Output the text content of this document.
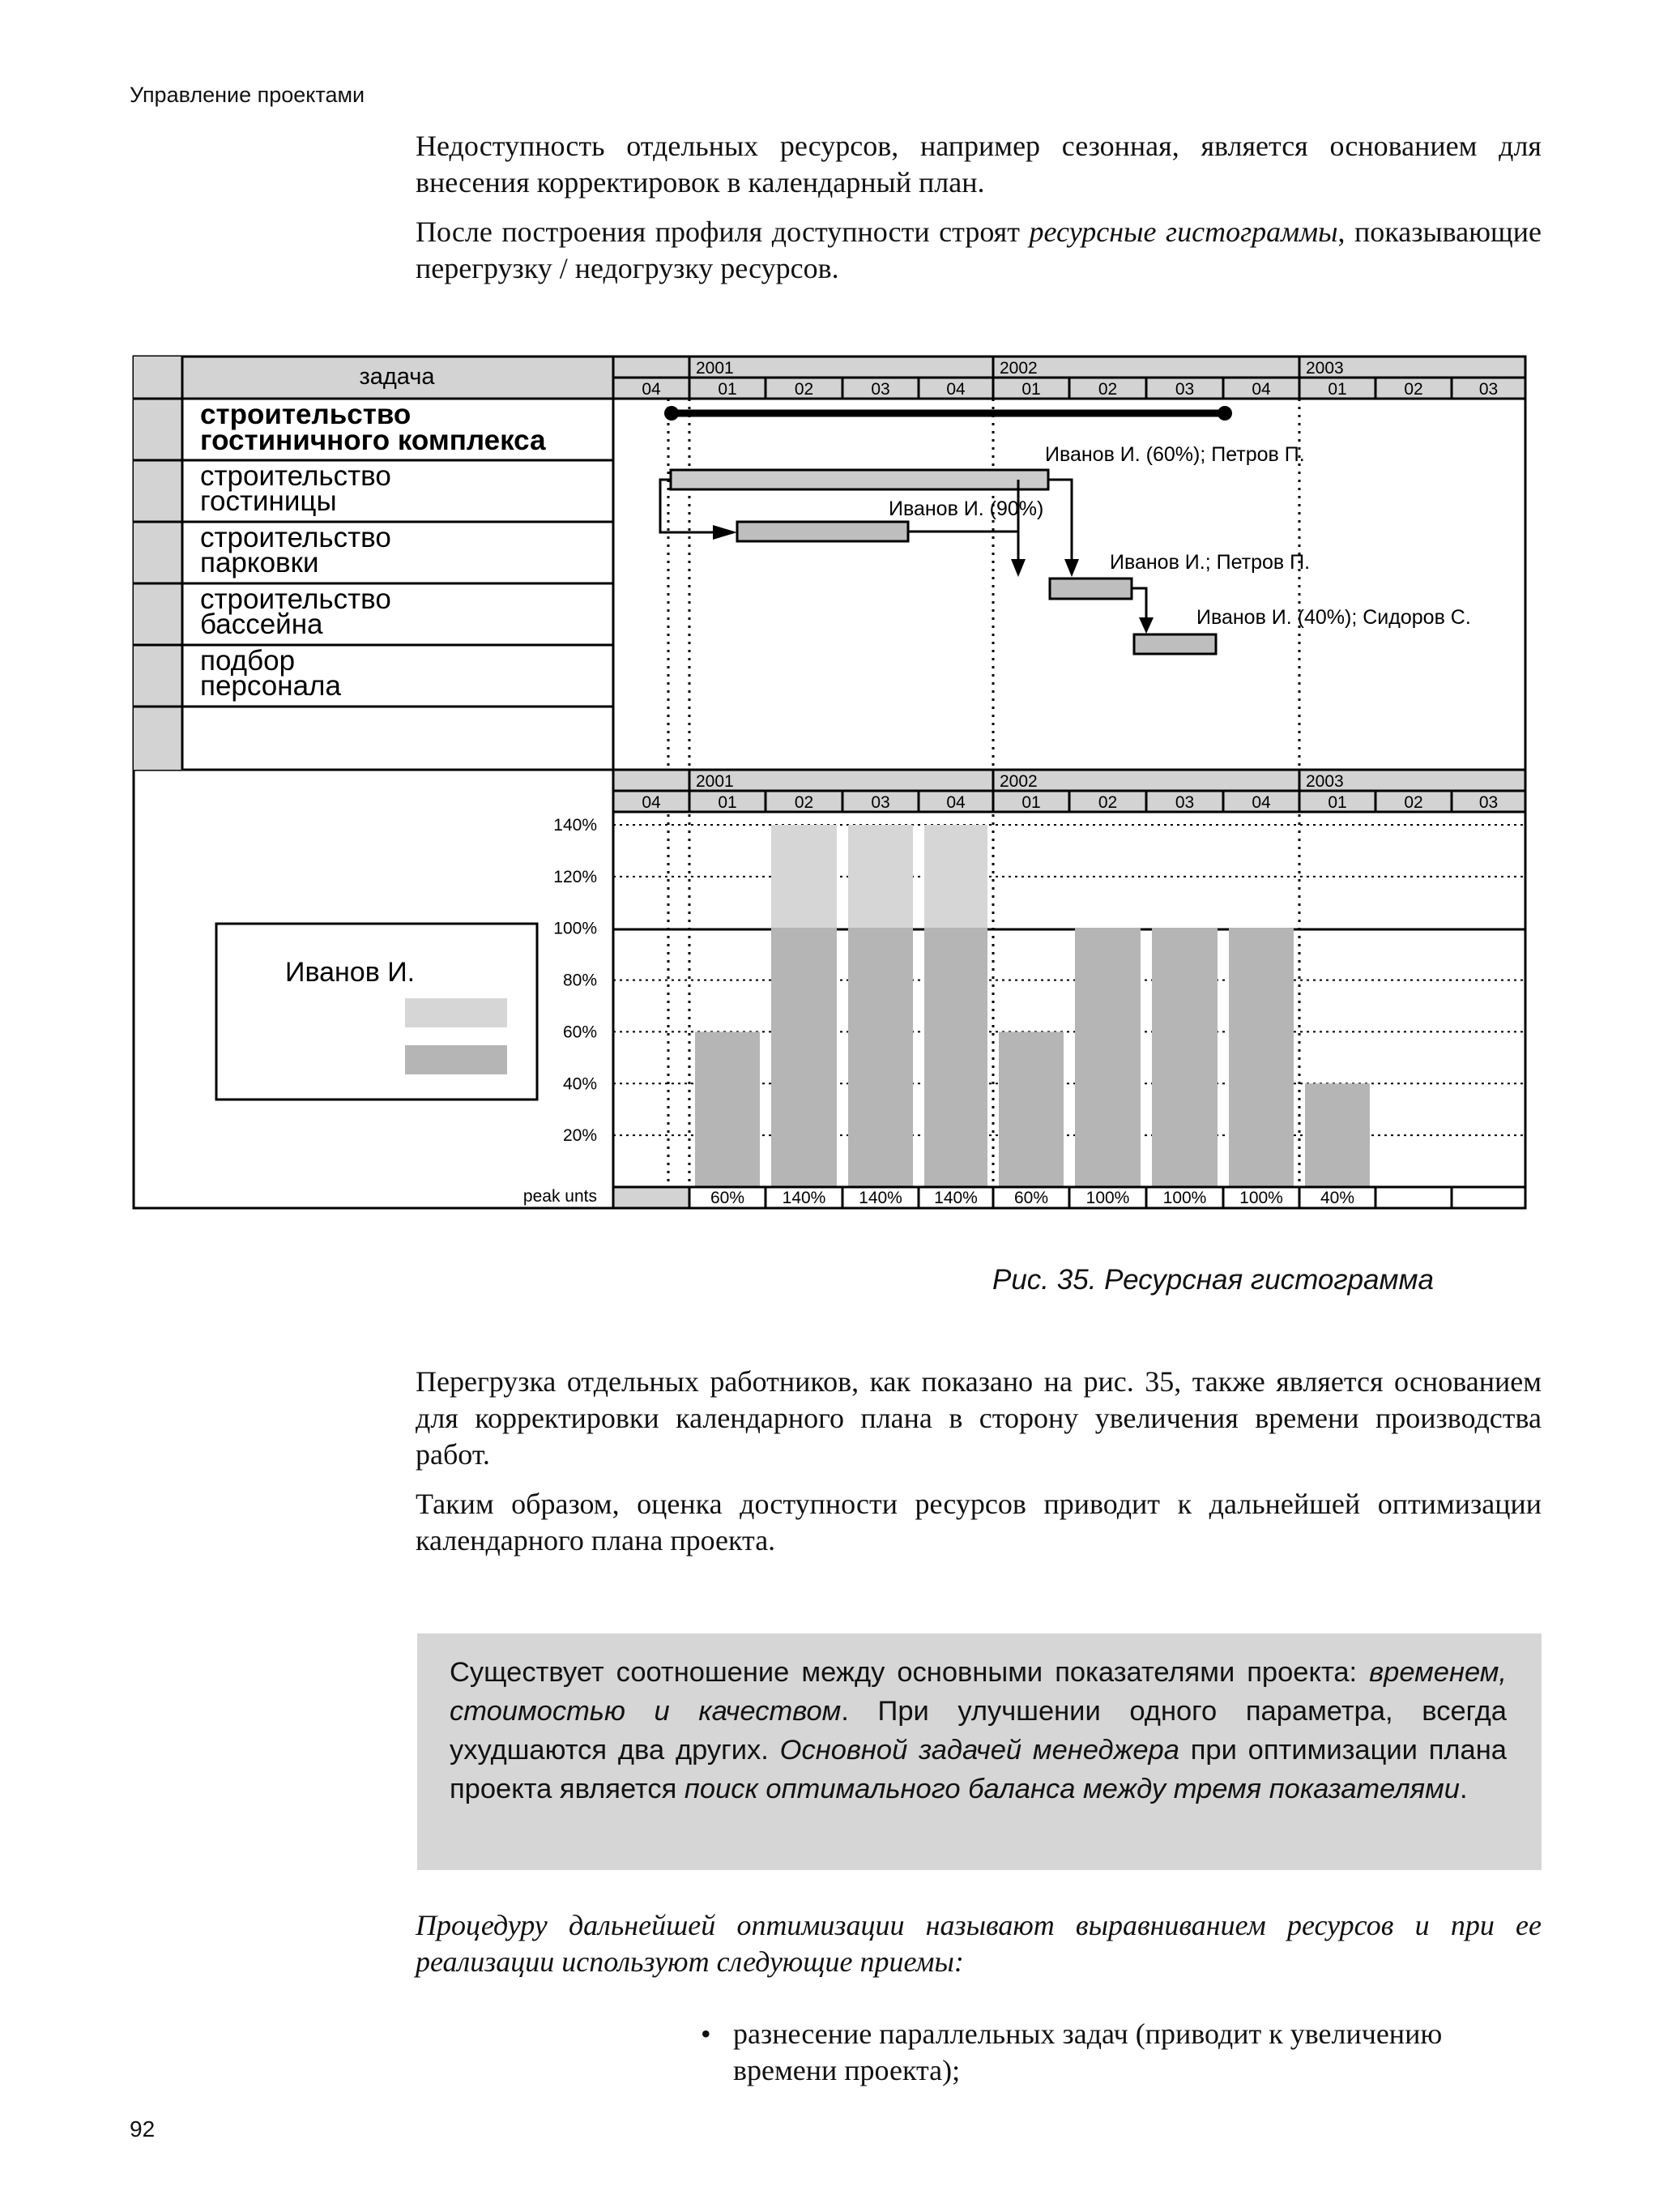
Управление проектами

Недоступность отдельных ресурсов, например сезонная, является основанием для внесения корректировок в календарный план.

После построения профиля доступности строят ресурсные гистограммы, показывающие перегрузку / недогрузку ресурсов.

задача
строительство
гостиничного комплекса
строительство
гостиницы
строительство
парковки
строительство
бассейна
подбор
персонала
2001	2002	2003
04	01	02	03	04	01	02	03	04	01	02	03
2001	2002	2003
04	01	02	03	04	01	02	03	04	01	02	03
Иванов И. (60%); Петров П.
Иванов И. (90%)
Иванов И.; Петров П.
Иванов И. (40%); Сидоров С.
140%
120%
100%
80%
60%
40%
20%
60% 140% 140% 140% 60% 100% 100% 100% 40%
peak unts
Иванов И.
Рис. 35. Ресурсная гистограмма

Перегрузка отдельных работников, как показано на рис. 35, также является основанием для корректировки календарного плана в сторону увеличения времени производства работ.

Таким образом, оценка доступности ресурсов приводит к дальнейшей оптимизации календарного плана проекта.

Существует соотношение между основными показателями проекта: временем, стоимостью и качеством. При улучшении одного параметра, всегда ухудшаются два других. Основной задачей менеджера при оптимизации плана проекта является поиск оптимального баланса между тремя показателями.
Процедуру дальнейшей оптимизации называют выравниванием ресурсов и при ее реализации используют следующие приемы:
• разнесение параллельных задач (приводит к увеличению времени проекта);
92
